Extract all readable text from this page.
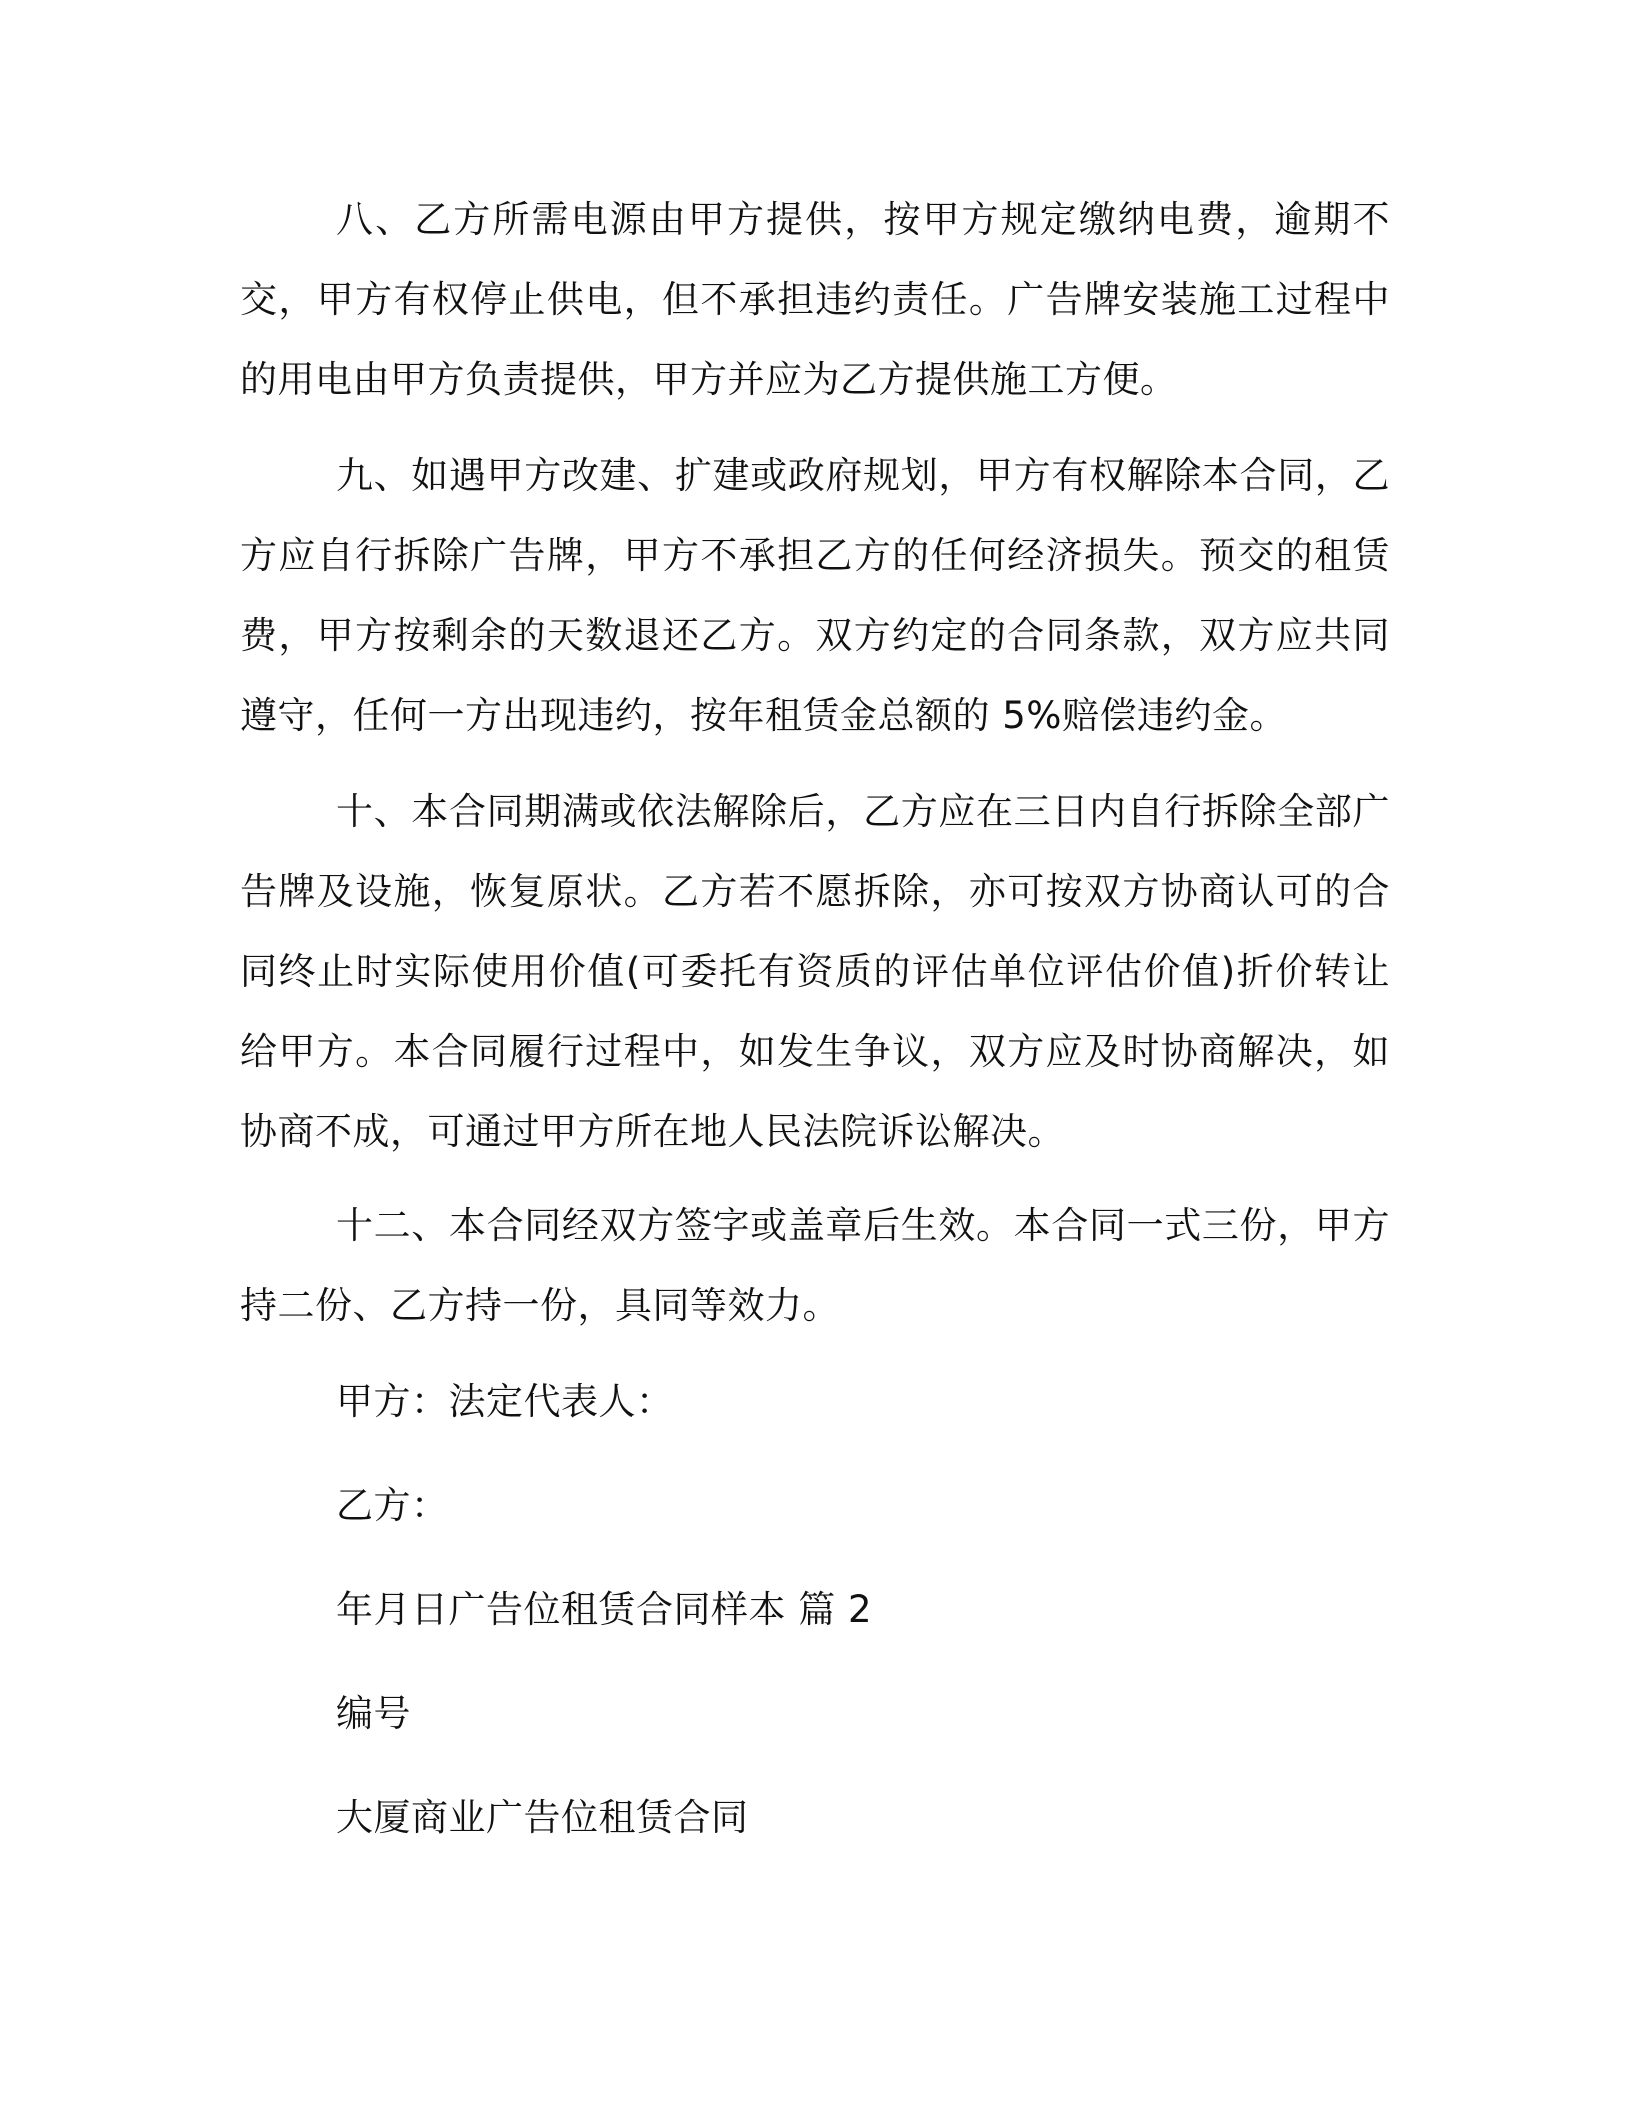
八、乙方所需电源由甲方提供，按甲方规定缴纳电费，逾期不交，甲方有权停止供电，但不承担违约责任。广告牌安装施工过程中的用电由甲方负责提供，甲方并应为乙方提供施工方便。

九、如遇甲方改建、扩建或政府规划，甲方有权解除本合同，乙方应自行拆除广告牌，甲方不承担乙方的任何经济损失。预交的租赁费，甲方按剩余的天数退还乙方。双方约定的合同条款，双方应共同遵守，任何一方出现违约，按年租赁金总额的 5%赔偿违约金。

十、本合同期满或依法解除后，乙方应在三日内自行拆除全部广告牌及设施，恢复原状。乙方若不愿拆除，亦可按双方协商认可的合同终止时实际使用价值(可委托有资质的评估单位评估价值)折价转让给甲方。本合同履行过程中，如发生争议，双方应及时协商解决，如协商不成，可通过甲方所在地人民法院诉讼解决。

十二、本合同经双方签字或盖章后生效。本合同一式三份，甲方持二份、乙方持一份，具同等效力。

甲方：法定代表人：

乙方：

年月日广告位租赁合同样本 篇 2

编号

大厦商业广告位租赁合同
